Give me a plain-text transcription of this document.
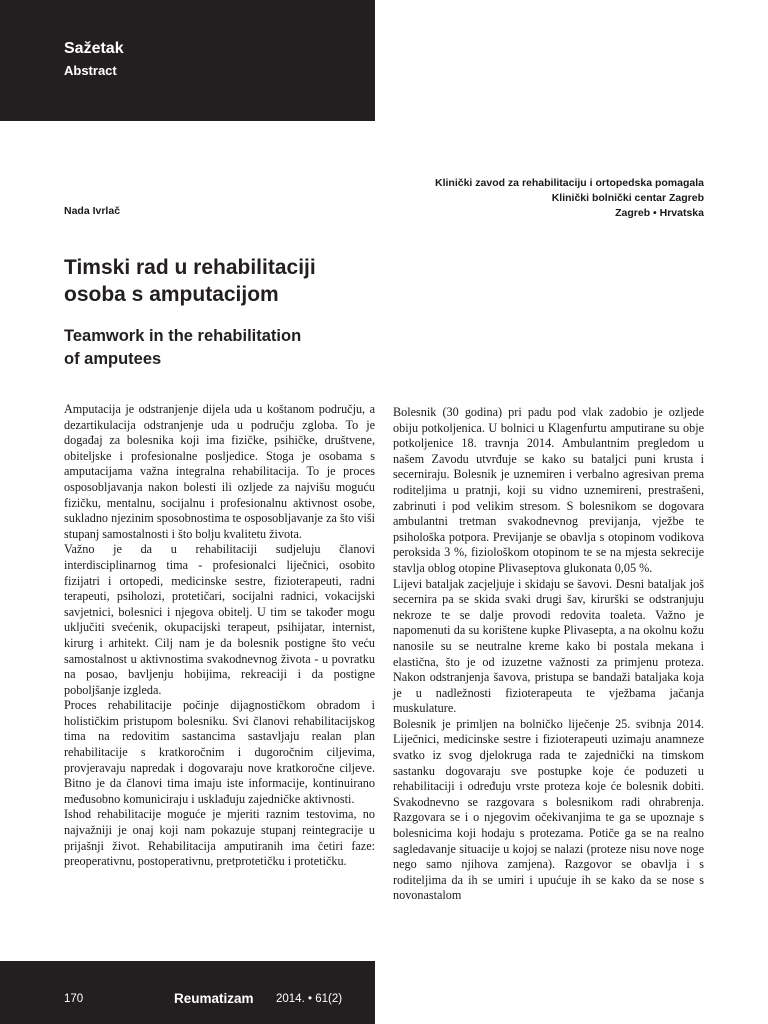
Sažetak
Abstract
Klinički zavod za rehabilitaciju i ortopedska pomagala
Klinički bolnički centar Zagreb
Zagreb • Hrvatska
Nada Ivrlač
Timski rad u rehabilitaciji
osoba s amputacijom
Teamwork in the rehabilitation
of amputees

Amputacija je odstranjenje dijela uda u koštanom području, a dezartikulacija odstranjenje uda u području zgloba. To je događaj za bolesnika koji ima fizičke, psihičke, društvene, obiteljske i profesionalne posljedice. Stoga je osobama s amputacijama važna integralna rehabilitacija. To je proces osposobljavanja nakon bolesti ili ozljede za najvišu moguću fizičku, mentalnu, socijalnu i profesionalnu aktivnost osobe, sukladno njezinim sposobnostima te osposobljavanje za što viši stupanj samostalnosti i što bolju kvalitetu života.

Važno je da u rehabilitaciji sudjeluju članovi interdisciplinarnog tima - profesionalci liječnici, osobito fizijatri i ortopedi, medicinske sestre, fizioterapeuti, radni terapeuti, psiholozi, protetičari, socijalni radnici, vokacijski savjetnici, bolesnici i njegova obitelj. U tim se također mogu uključiti svećenik, okupacijski terapeut, psihijatar, internist, kirurg i arhitekt. Cilj nam je da bolesnik postigne što veću samostalnost u aktivnostima svakodnevnog života - u povratku na posao, bavljenju hobijima, rekreaciji i da postigne poboljšanje izgleda.

Proces rehabilitacije počinje dijagnostičkom obradom i holističkim pristupom bolesniku. Svi članovi rehabilitacijskog tima na redovitim sastancima sastavljaju realan plan rehabilitacije s kratkoročnim i dugoročnim ciljevima, provjeravaju napredak i dogovaraju nove kratkoročne ciljeve. Bitno je da članovi tima imaju iste informacije, kontinuirano međusobno komuniciraju i usklađuju zajedničke aktivnosti.

Ishod rehabilitacije moguće je mjeriti raznim testovima, no najvažniji je onaj koji nam pokazuje stupanj reintegracije u prijašnji život. Rehabilitacija amputiranih ima četiri faze: preoperativnu, postoperativnu, pretprotetičku i protetičku.

Bolesnik (30 godina) pri padu pod vlak zadobio je ozljede obiju potkoljenica. U bolnici u Klagenfurtu amputirane su obje potkoljenice 18. travnja 2014. Ambulantnim pregledom u našem Zavodu utvrđuje se kako su bataljci puni krusta i secerniraju. Bolesnik je uznemiren i verbalno agresivan prema roditeljima u pratnji, koji su vidno uznemireni, prestrašeni, zabrinuti i pod velikim stresom. S bolesnikom se dogovara ambulantni tretman svakodnevnog previjanja, vježbe te psihološka potpora. Previjanje se obavlja s otopinom vodikova peroksida 3 %, fiziološkom otopinom te se na mjesta sekrecije stavlja oblog otopine Plivaseptova glukonata 0,05 %.

Lijevi bataljak zacjeljuje i skidaju se šavovi. Desni bataljak još secernira pa se skida svaki drugi šav, kirurški se odstranjuju nekroze te se dalje provodi redovita toaleta. Važno je napomenuti da su korištene kupke Plivasepta, a na okolnu kožu nanosile su se neutralne kreme kako bi postala mekana i elastična, što je od izuzetne važnosti za primjenu proteza. Nakon odstranjenja šavova, pristupa se bandaži bataljaka koja je u nadležnosti fizioterapeuta te vježbama jačanja muskulature.

Bolesnik je primljen na bolničko liječenje 25. svibnja 2014. Liječnici, medicinske sestre i fizioterapeuti uzimaju anamneze svatko iz svog djelokruga rada te zajednički na timskom sastanku dogovaraju sve postupke koje će poduzeti u rehabilitaciji i određuju vrste proteza koje će bolesnik dobiti. Svakodnevno se razgovara s bolesnikom radi ohrabrenja. Razgovara se i o njegovim očekivanjima te ga se upoznaje s bolesnicima koji hodaju s protezama. Potiče ga se na realno sagledavanje situacije u kojoj se nalazi (proteze nisu nove noge nego samo njihova zamjena). Razgovor se obavlja i s roditeljima da ih se umiri i upućuje ih se kako da se nose s novonastalom

170	Reumatizam 2014. • 61(2)
